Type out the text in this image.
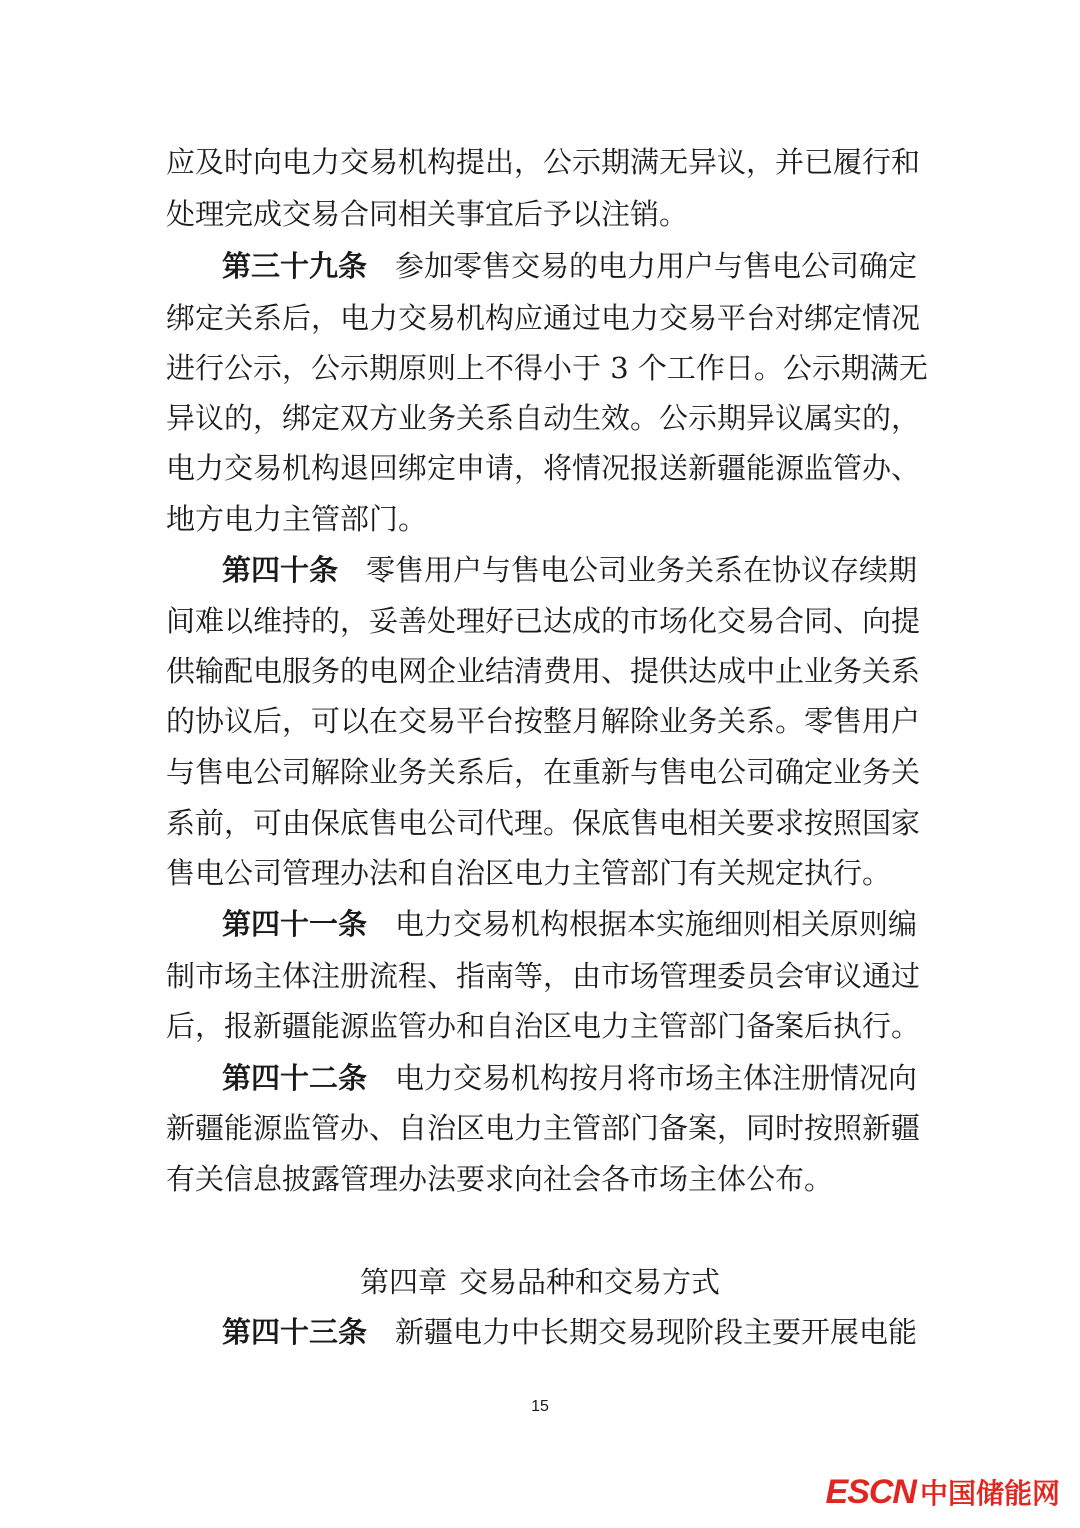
应及时向电力交易机构提出，公示期满无异议，并已履行和
处理完成交易合同相关事宜后予以注销。
第三十九条 参加零售交易的电力用户与售电公司确定
绑定关系后，电力交易机构应通过电力交易平台对绑定情况
进行公示，公示期原则上不得小于 3 个工作日。公示期满无
异议的，绑定双方业务关系自动生效。公示期异议属实的，
电力交易机构退回绑定申请，将情况报送新疆能源监管办、
地方电力主管部门。
第四十条 零售用户与售电公司业务关系在协议存续期
间难以维持的，妥善处理好已达成的市场化交易合同、向提
供输配电服务的电网企业结清费用、提供达成中止业务关系
的协议后，可以在交易平台按整月解除业务关系。零售用户
与售电公司解除业务关系后，在重新与售电公司确定业务关
系前，可由保底售电公司代理。保底售电相关要求按照国家
售电公司管理办法和自治区电力主管部门有关规定执行。
第四十一条 电力交易机构根据本实施细则相关原则编
制市场主体注册流程、指南等，由市场管理委员会审议通过
后，报新疆能源监管办和自治区电力主管部门备案后执行。
第四十二条 电力交易机构按月将市场主体注册情况向
新疆能源监管办、自治区电力主管部门备案，同时按照新疆
有关信息披露管理办法要求向社会各市场主体公布。
第四章 交易品种和交易方式
第四十三条 新疆电力中长期交易现阶段主要开展电能
15
ESCN 中国储能网
